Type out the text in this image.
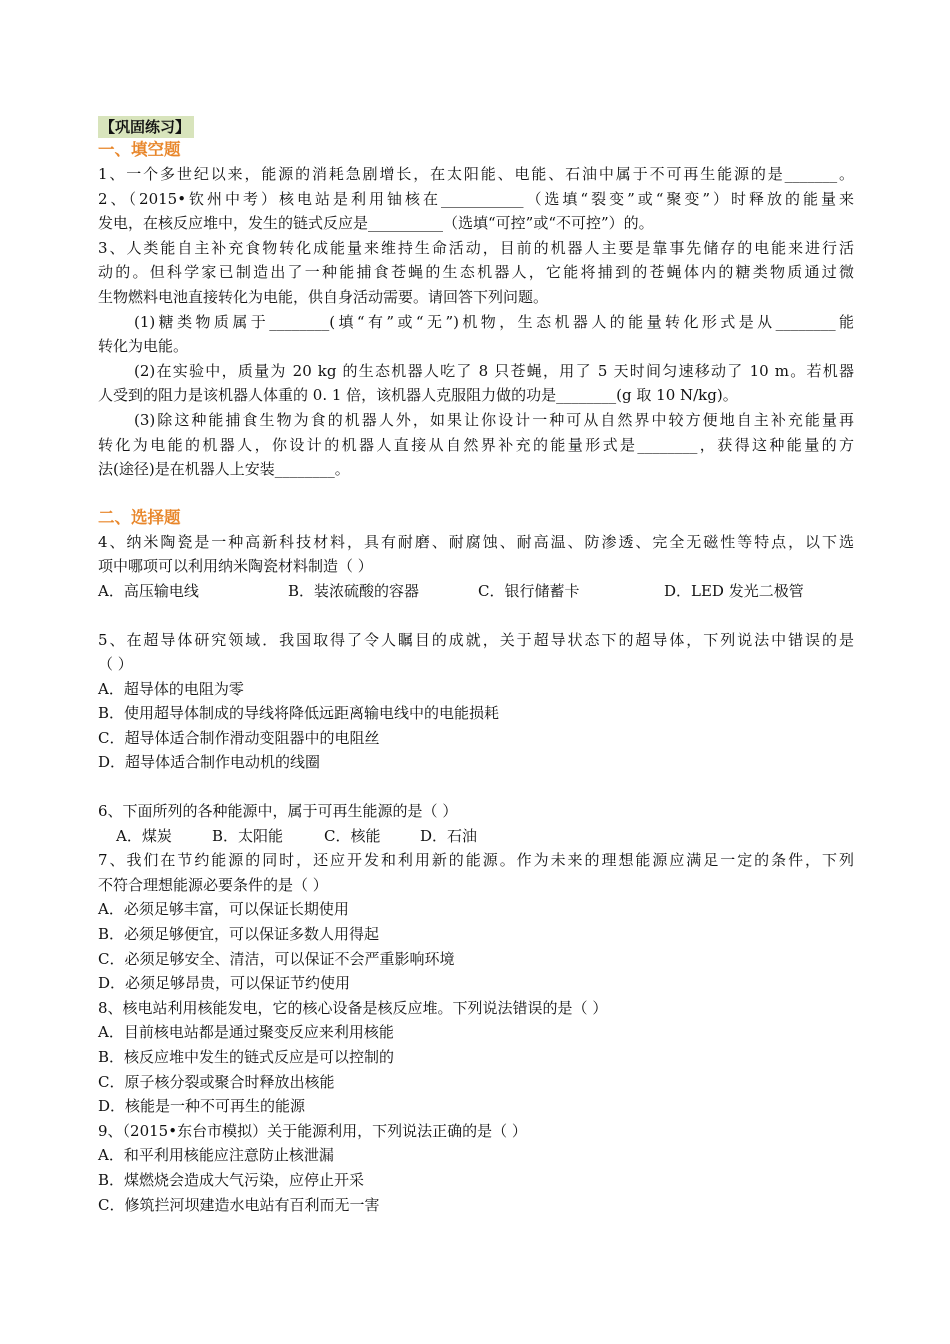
【巩固练习】
一、填空题
1、一个多世纪以来，能源的消耗急剧增长，在太阳能、电能、石油中属于不可再生能源的是_______。
2、（2015•钦州中考）核电站是利用铀核在___________（选填“裂变”或“聚变”）时释放的能量来
发电，在核反应堆中，发生的链式反应是__________（选填“可控”或“不可控”）的。
3、人类能自主补充食物转化成能量来维持生命活动，目前的机器人主要是靠事先储存的电能来进行活
动的。但科学家已制造出了一种能捕食苍蝇的生态机器人，它能将捕到的苍蝇体内的糖类物质通过微
生物燃料电池直接转化为电能，供自身活动需要。请回答下列问题。
(1)糖类物质属于________(填“有”或“无”)机物，生态机器人的能量转化形式是从________能
转化为电能。
(2)在实验中，质量为 20 kg 的生态机器人吃了 8 只苍蝇，用了 5 天时间匀速移动了 10 m。若机器
人受到的阻力是该机器人体重的 0. 1 倍，该机器人克服阻力做的功是________(g 取 10 N/kg)。
(3)除这种能捕食生物为食的机器人外，如果让你设计一种可从自然界中较方便地自主补充能量再
转化为电能的机器人，你设计的机器人直接从自然界补充的能量形式是________，获得这种能量的方
法(途径)是在机器人上安装________。
二、选择题
4、纳米陶瓷是一种高新科技材料，具有耐磨、耐腐蚀、耐高温、防渗透、完全无磁性等特点，以下选
项中哪项可以利用纳米陶瓷材料制造（ ）
A．高压输电线	B．装浓硫酸的容器	C．银行储蓄卡	D．LED 发光二极管
5、在超导体研究领域．我国取得了令人瞩目的成就，关于超导状态下的超导体，下列说法中错误的是
（ ）
A．超导体的电阻为零
B．使用超导体制成的导线将降低远距离输电线中的电能损耗
C．超导体适合制作滑动变阻器中的电阻丝
D．超导体适合制作电动机的线圈
6、下面所列的各种能源中，属于可再生能源的是（ ）
A．煤炭	B．太阳能	C．核能	D．石油
7、我们在节约能源的同时，还应开发和利用新的能源。作为未来的理想能源应满足一定的条件，下列
不符合理想能源必要条件的是（ ）
A．必须足够丰富，可以保证长期使用
B．必须足够便宜，可以保证多数人用得起
C．必须足够安全、清洁，可以保证不会严重影响环境
D．必须足够昂贵，可以保证节约使用
8、核电站利用核能发电，它的核心设备是核反应堆。下列说法错误的是（ ）
A．目前核电站都是通过聚变反应来利用核能
B．核反应堆中发生的链式反应是可以控制的
C．原子核分裂或聚合时释放出核能
D．核能是一种不可再生的能源
9、（2015•东台市模拟）关于能源利用，下列说法正确的是（ ）
A．和平利用核能应注意防止核泄漏
B．煤燃烧会造成大气污染，应停止开采
C．修筑拦河坝建造水电站有百利而无一害
